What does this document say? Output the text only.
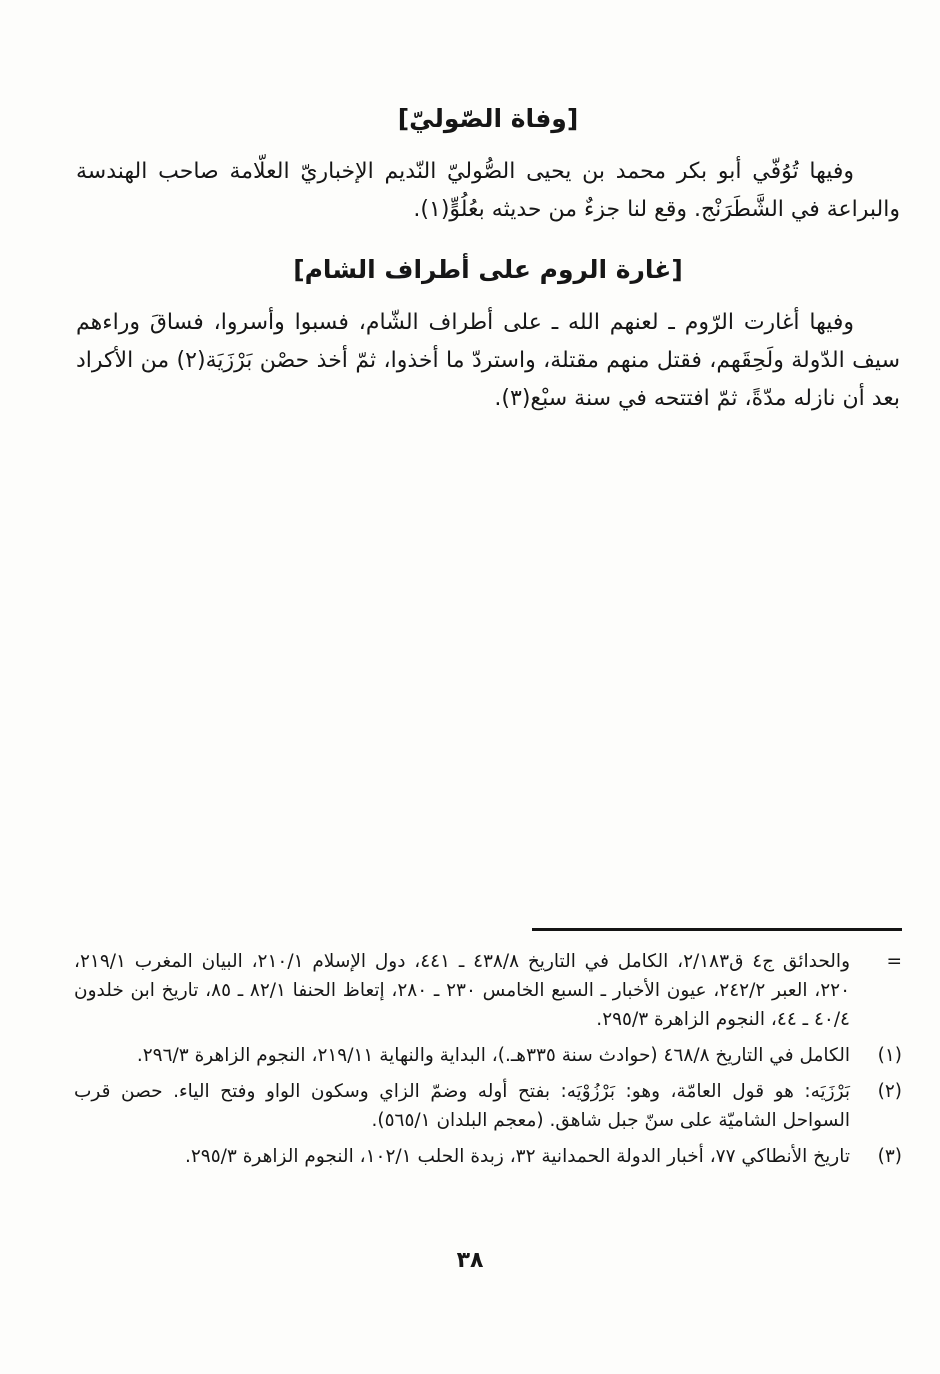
[وفاة الصّوليّ]

وفيها تُوُفّي أبو بكر محمد بن يحيى الصُّوليّ النّديم الإخباريّ العلّامة صاحب الهندسة والبراعة في الشَّطَرَنْج. وقع لنا جزءٌ من حديثه بعُلُوٍّ(١).

[غارة الروم على أطراف الشام]

وفيها أغارت الرّوم ـ لعنهم الله ـ على أطراف الشّام، فسبوا وأسروا، فساقَ وراءهم سيف الدّولة ولَحِقَهم، فقتل منهم مقتلة، واستردّ ما أخذوا، ثمّ أخذ حصْن بَرْزَيَة(٢) من الأكراد بعد أن نازله مدّةً، ثمّ افتتحه في سنة سبْع(٣).

=
والحدائق ج٤ ق٢/١٨٣، الكامل في التاريخ ٤٣٨/٨ ـ ٤٤١، دول الإسلام ٢١٠/١، البيان المغرب ٢١٩/١، ٢٢٠، العبر ٢٤٢/٢، عيون الأخبار ـ السبع الخامس ٢٣٠ ـ ٢٨٠، إتعاظ الحنفا ٨٢/١ ـ ٨٥، تاريخ ابن خلدون ٤٠/٤ ـ ٤٤، النجوم الزاهرة ٢٩٥/٣.
(١)
الكامل في التاريخ ٤٦٨/٨ (حوادث سنة ٣٣٥هـ.)، البداية والنهاية ٢١٩/١١، النجوم الزاهرة ٢٩٦/٣.
(٢)
بَرْزَيَه: هو قول العامّة، وهو: بَرْزُوْيَه: بفتح أوله وضمّ الزاي وسكون الواو وفتح الياء. حصن قرب السواحل الشاميّة على سنّ جبل شاهق. (معجم البلدان ٥٦٥/١).
(٣)
تاريخ الأنطاكي ٧٧، أخبار الدولة الحمدانية ٣٢، زبدة الحلب ١٠٢/١، النجوم الزاهرة ٢٩٥/٣.
٣٨
